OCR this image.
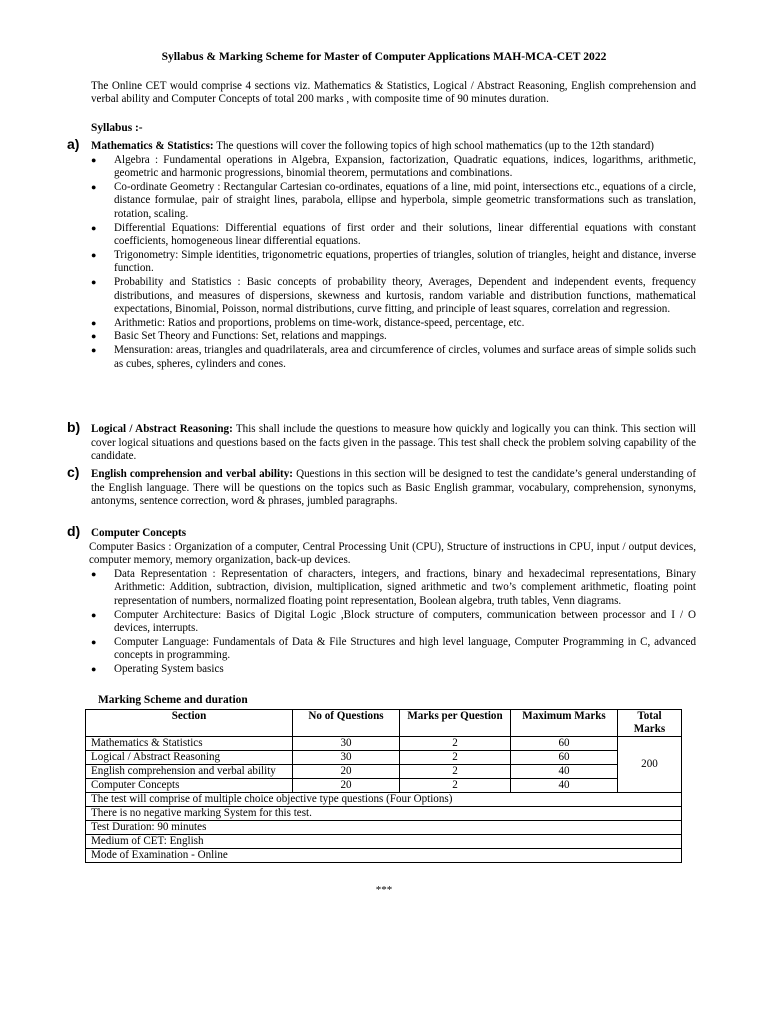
Syllabus & Marking Scheme for Master of Computer Applications MAH-MCA-CET 2022
The Online CET would comprise 4 sections viz. Mathematics & Statistics, Logical / Abstract Reasoning, English comprehension and verbal ability and Computer Concepts of total 200 marks , with composite time of 90 minutes duration.
Syllabus :-
a) Mathematics & Statistics: The questions will cover the following topics of high school mathematics (up to the 12th standard)
● Algebra : Fundamental operations in Algebra, Expansion, factorization, Quadratic equations, indices, logarithms, arithmetic, geometric and harmonic progressions, binomial theorem, permutations and combinations.
● Co-ordinate Geometry : Rectangular Cartesian co-ordinates, equations of a line, mid point, intersections etc., equations of a circle, distance formulae, pair of straight lines, parabola, ellipse and hyperbola, simple geometric transformations such as translation, rotation, scaling.
● Differential Equations: Differential equations of first order and their solutions, linear differential equations with constant coefficients, homogeneous linear differential equations.
● Trigonometry: Simple identities, trigonometric equations, properties of triangles, solution of triangles, height and distance, inverse function.
● Probability and Statistics : Basic concepts of probability theory, Averages, Dependent and independent events, frequency distributions, and measures of dispersions, skewness and kurtosis, random variable and distribution functions, mathematical expectations, Binomial, Poisson, normal distributions, curve fitting, and principle of least squares, correlation and regression.
● Arithmetic: Ratios and proportions, problems on time-work, distance-speed, percentage, etc.
● Basic Set Theory and Functions: Set, relations and mappings.
● Mensuration: areas, triangles and quadrilaterals, area and circumference of circles, volumes and surface areas of simple solids such as cubes, spheres, cylinders and cones.
b) Logical / Abstract Reasoning: This shall include the questions to measure how quickly and logically you can think. This section will cover logical situations and questions based on the facts given in the passage. This test shall check the problem solving capability of the candidate.
c) English comprehension and verbal ability: Questions in this section will be designed to test the candidate’s general understanding of the English language. There will be questions on the topics such as Basic English grammar, vocabulary, comprehension, synonyms, antonyms, sentence correction, word & phrases, jumbled paragraphs.
d) Computer Concepts
Computer Basics : Organization of a computer, Central Processing Unit (CPU), Structure of instructions in CPU, input / output devices, computer memory, memory organization, back-up devices.
● Data Representation : Representation of characters, integers, and fractions, binary and hexadecimal representations, Binary Arithmetic: Addition, subtraction, division, multiplication, signed arithmetic and two’s complement arithmetic, floating point representation of numbers, normalized floating point representation, Boolean algebra, truth tables, Venn diagrams.
● Computer Architecture: Basics of Digital Logic ,Block structure of computers, communication between processor and I / O devices, interrupts.
● Computer Language: Fundamentals of Data & File Structures and high level language, Computer Programming in C, advanced concepts in programming.
● Operating System basics
Marking Scheme and duration
Section	No of Questions	Marks per Question	Maximum Marks	Total Marks
Mathematics & Statistics	30	2	60	200
Logical / Abstract Reasoning	30	2	60	
English comprehension and verbal ability	20	2	40	
Computer Concepts	20	2	40	
The test will comprise of multiple choice objective type questions (Four Options)				
There is no negative marking System for this test.				
Test Duration: 90 minutes				
Medium of CET: English				
Mode of Examination - Online				
***
